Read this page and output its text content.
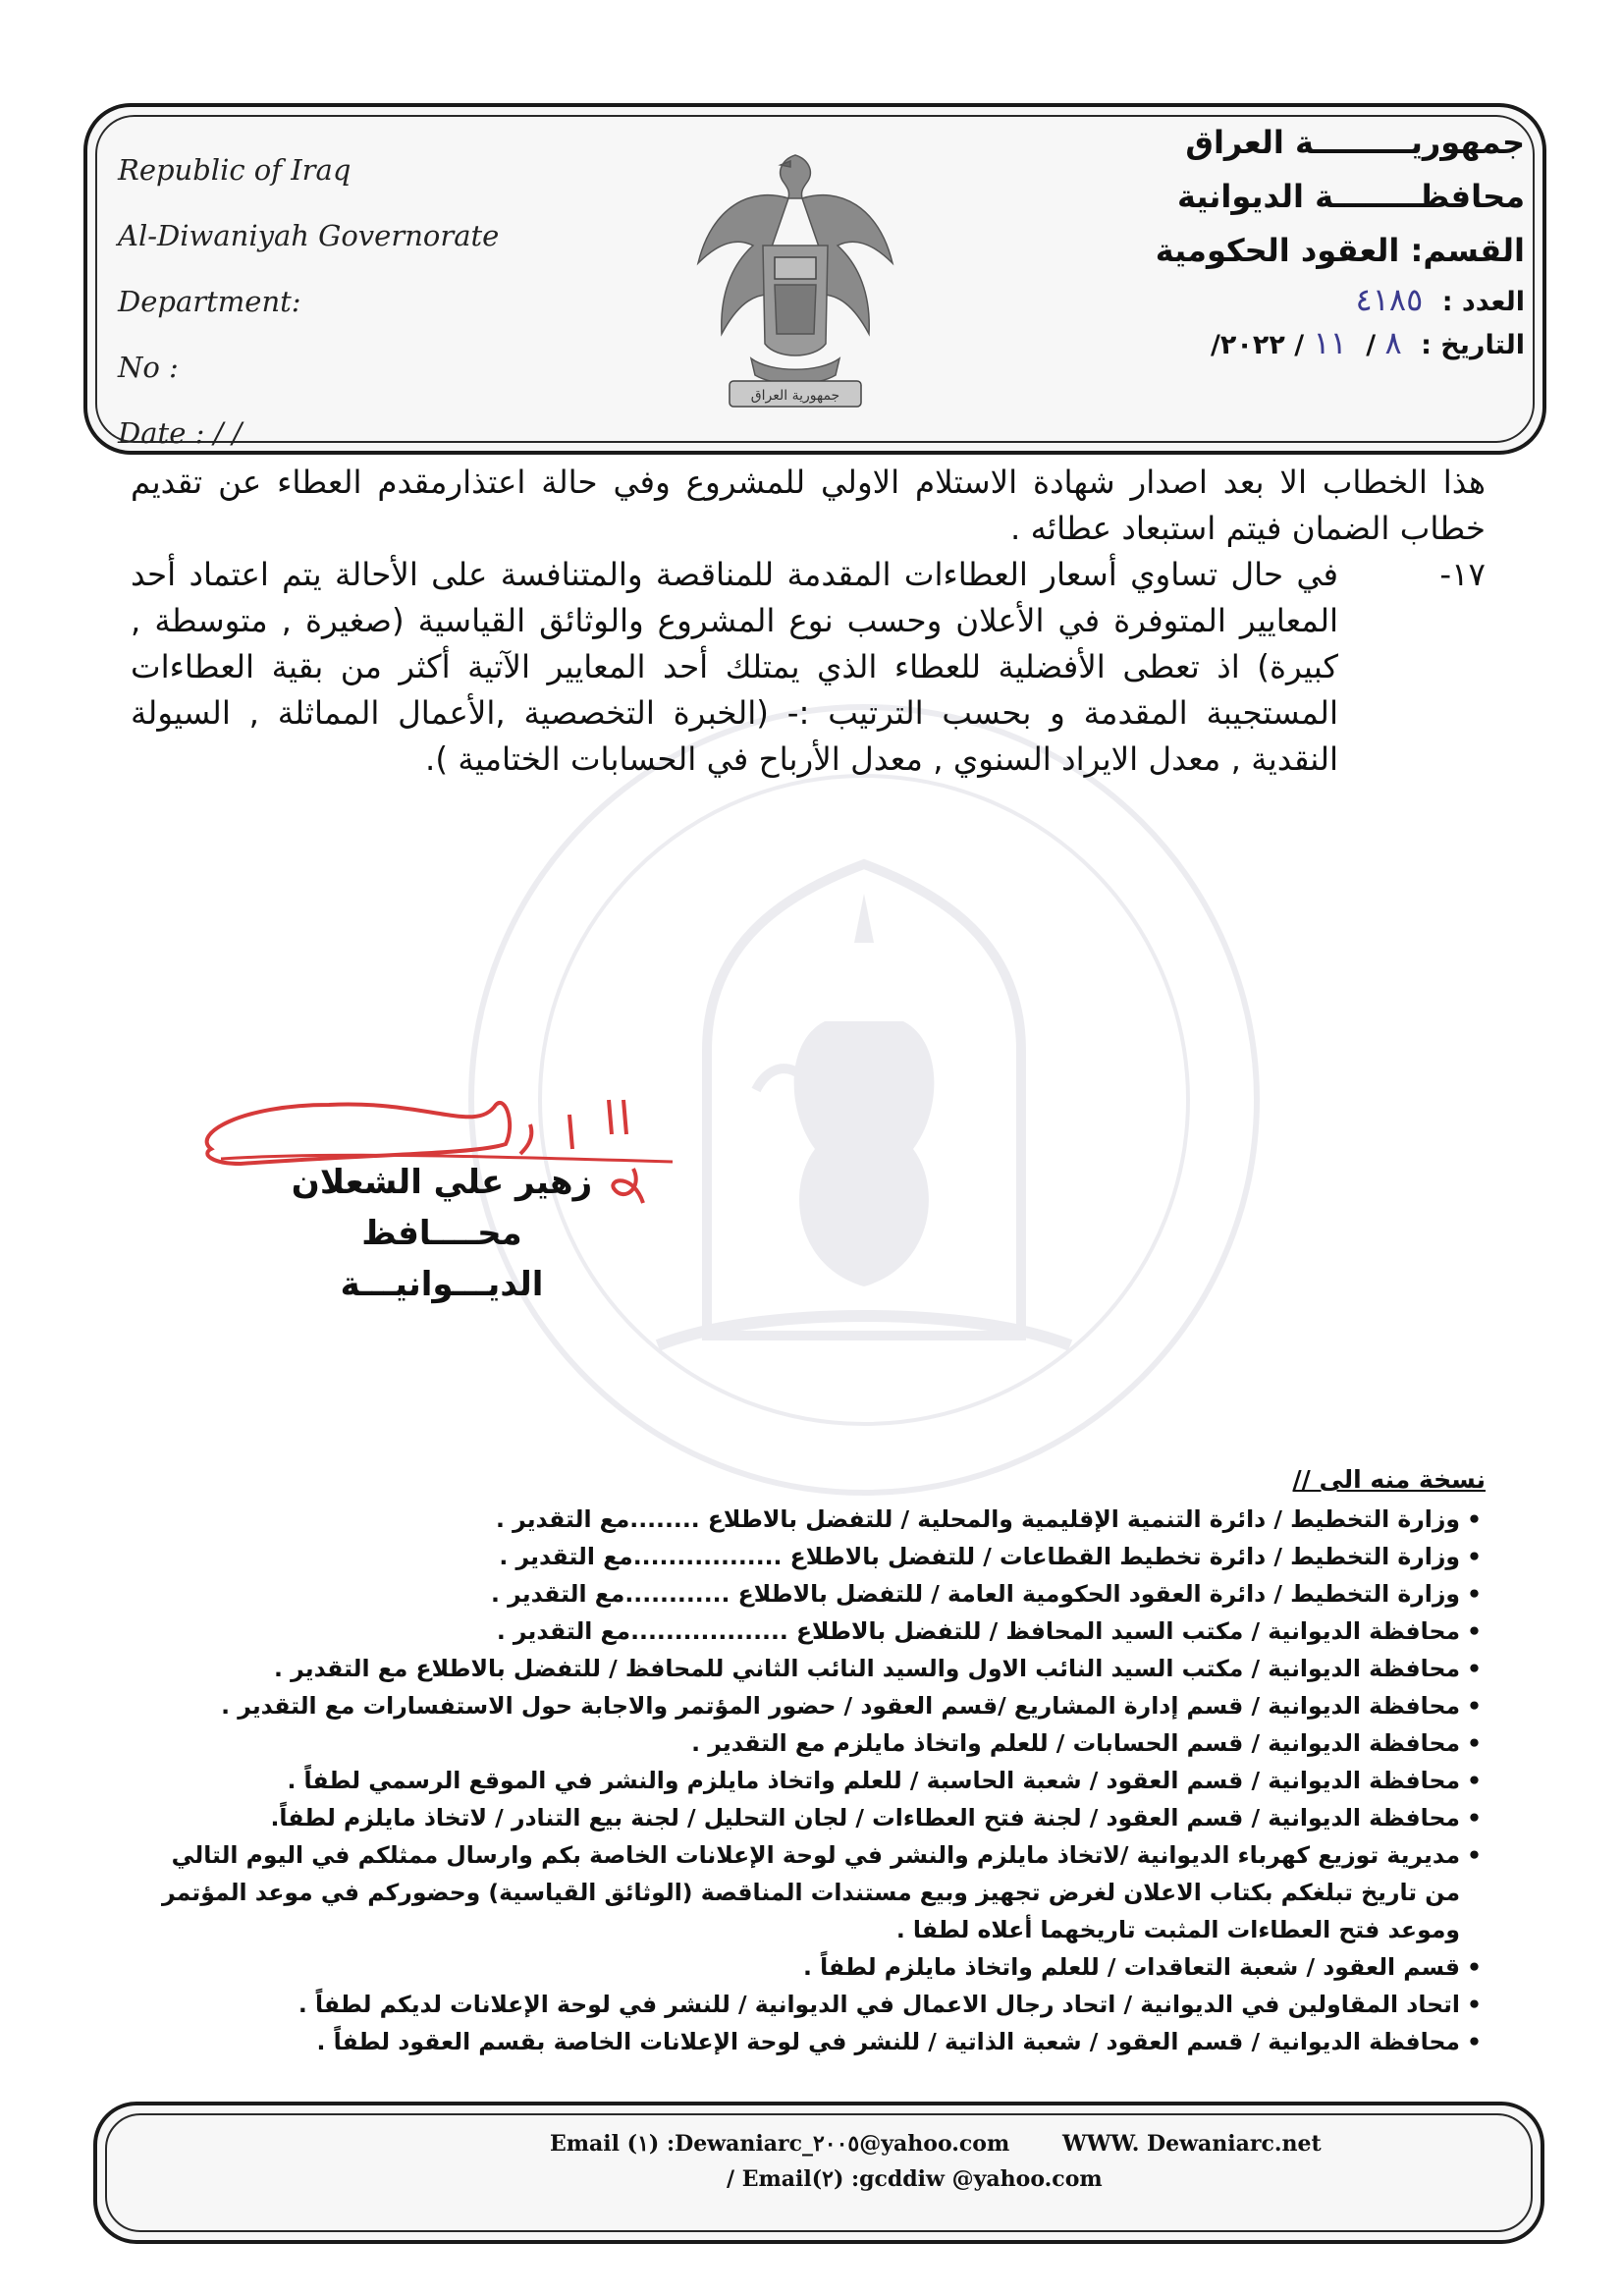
Republic of Iraq
Al-Diwaniyah Governorate
Department:
No :
Date : / /
جمهورية العراق
جمهوريـــــــــة العراق
محافظــــــــة الديوانية
القسم: العقود الحكومية
العدد : ٤١٨٥
التاريخ : ٨ / ١١ / ٢٠٢٢/

هذا الخطاب الا بعد اصدار شهادة الاستلام الاولي للمشروع وفي حالة اعتذارمقدم العطاء عن تقديم خطاب الضمان فيتم استبعاد عطائه .

١٧-
في حال تساوي أسعار العطاءات المقدمة للمناقصة والمتنافسة على الأحالة يتم اعتماد أحد المعايير المتوفرة في الأعلان وحسب نوع المشروع والوثائق القياسية (صغيرة , متوسطة , كبيرة) اذ تعطى الأفضلية للعطاء الذي يمتلك أحد المعايير الآتية أكثر من بقية العطاءات المستجيبة المقدمة و بحسب الترتيب :- (الخبرة التخصصية ,الأعمال المماثلة , السيولة النقدية , معدل الايراد السنوي , معدل الأرباح في الحسابات الختامية ).
زهير علي الشعلان
محــــافظ الديـــوانيـــة
نسخة منه الى //
• وزارة التخطيط / دائرة التنمية الإقليمية والمحلية / للتفضل بالاطلاع ........مع التقدير .
• وزارة التخطيط / دائرة تخطيط القطاعات / للتفضل بالاطلاع .................مع التقدير .
• وزارة التخطيط / دائرة العقود الحكومية العامة / للتفضل بالاطلاع ............مع التقدير .
• محافظة الديوانية / مكتب السيد المحافظ / للتفضل بالاطلاع ..................مع التقدير .
• محافظة الديوانية / مكتب السيد النائب الاول والسيد النائب الثاني للمحافظ / للتفضل بالاطلاع مع التقدير .
• محافظة الديوانية / قسم إدارة المشاريع /قسم العقود / حضور المؤتمر والاجابة حول الاستفسارات مع التقدير .
• محافظة الديوانية / قسم الحسابات / للعلم واتخاذ مايلزم مع التقدير .
• محافظة الديوانية / قسم العقود / شعبة الحاسبة / للعلم واتخاذ مايلزم والنشر في الموقع الرسمي لطفاً .
• محافظة الديوانية / قسم العقود / لجنة فتح العطاءات / لجان التحليل / لجنة بيع التنادر / لاتخاذ مايلزم لطفاً.
• مديرية توزيع كهرباء الديوانية /لاتخاذ مايلزم والنشر في لوحة الإعلانات الخاصة بكم وارسال ممثلكم في اليوم التالي من تاريخ تبلغكم بكتاب الاعلان لغرض تجهيز وبيع مستندات المناقصة (الوثائق القياسية) وحضوركم في موعد المؤتمر وموعد فتح العطاءات المثبت تاريخهما أعلاه لطفا .
• قسم العقود / شعبة التعاقدات / للعلم واتخاذ مايلزم لطفاً .
• اتحاد المقاولين في الديوانية / اتحاد رجال الاعمال في الديوانية / للنشر في لوحة الإعلانات لديكم لطفاً .
• محافظة الديوانية / قسم العقود / شعبة الذاتية / للنشر في لوحة الإعلانات الخاصة بقسم العقود لطفاً .
Email (١) :Dewaniarc_٢٠٠٥@yahoo.com WWW. Dewaniarc.net
/ Email(٢) :gcddiw @yahoo.com
